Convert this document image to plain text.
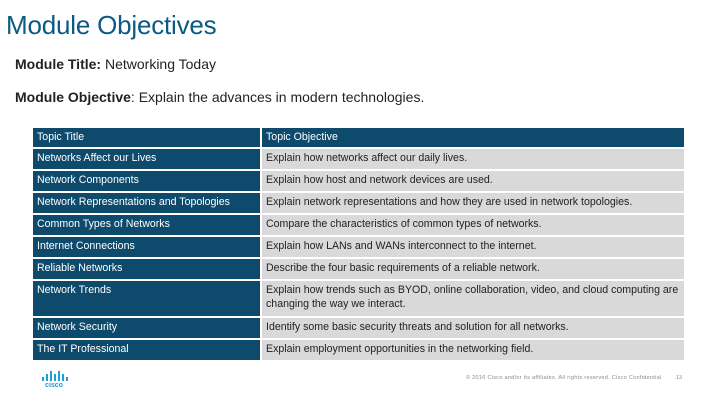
Module Objectives
Module Title: Networking Today
Module Objective: Explain the advances in modern technologies.
Topic Title	Topic Objective
Networks Affect our Lives	Explain how networks affect our daily lives.
Network Components	Explain how host and network devices are used.
Network Representations and Topologies	Explain network representations and how they are used in network topologies.
Common Types of Networks	Compare the characteristics of common types of networks.
Internet Connections	Explain how LANs and WANs interconnect to the internet.
Reliable Networks	Describe the four basic requirements of a reliable network.
Network Trends	Explain how trends such as BYOD, online collaboration, video, and cloud computing are changing the way we interact.
Network Security	Identify some basic security threats and solution for all networks.
The IT Professional	Explain employment opportunities in the networking field.
cisco
© 2016 Cisco and/or its affiliates. All rights reserved. Cisco Confidential	13
